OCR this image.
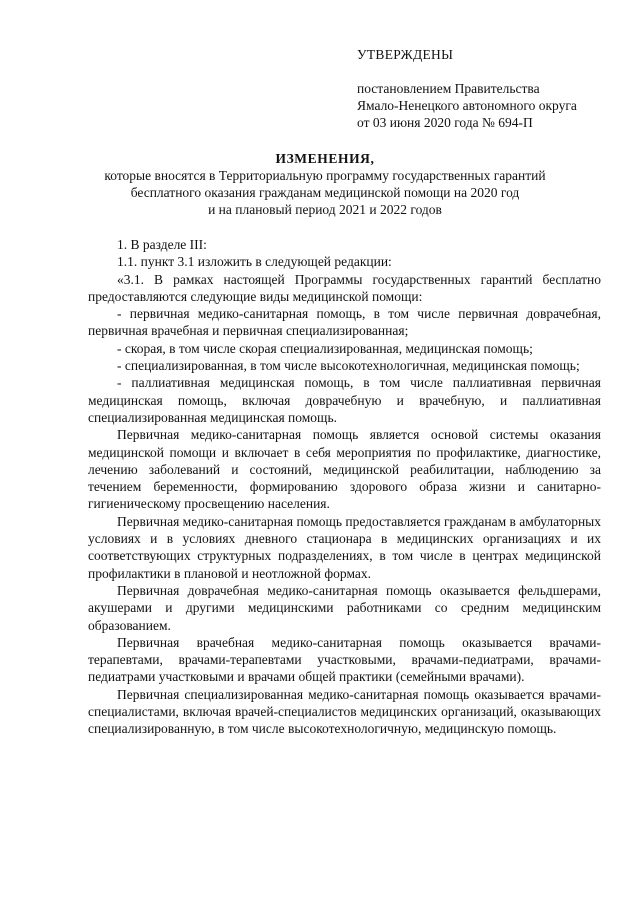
УТВЕРЖДЕНЫ
постановлением Правительства
Ямало-Ненецкого автономного округа
от 03 июня 2020 года № 694-П
ИЗМЕНЕНИЯ,
которые вносятся в Территориальную программу государственных гарантий
бесплатного оказания гражданам медицинской помощи на 2020 год
и на плановый период 2021 и 2022 годов

1. В разделе III:

1.1. пункт 3.1 изложить в следующей редакции:

«3.1. В рамках настоящей Программы государственных гарантий бесплатно предоставляются следующие виды медицинской помощи:

- первичная медико-санитарная помощь, в том числе первичная доврачебная, первичная врачебная и первичная специализированная;

- скорая, в том числе скорая специализированная, медицинская помощь;

- специализированная, в том числе высокотехнологичная, медицинская помощь;

- паллиативная медицинская помощь, в том числе паллиативная первичная медицинская помощь, включая доврачебную и врачебную, и паллиативная специализированная медицинская помощь.

Первичная медико-санитарная помощь является основой системы оказания медицинской помощи и включает в себя мероприятия по профилактике, диагностике, лечению заболеваний и состояний, медицинской реабилитации, наблюдению за течением беременности, формированию здорового образа жизни и санитарно-гигиеническому просвещению населения.

Первичная медико-санитарная помощь предоставляется гражданам в амбулаторных условиях и в условиях дневного стационара в медицинских организациях и их соответствующих структурных подразделениях, в том числе в центрах медицинской профилактики в плановой и неотложной формах.

Первичная доврачебная медико-санитарная помощь оказывается фельдшерами, акушерами и другими медицинскими работниками со средним медицинским образованием.

Первичная врачебная медико-санитарная помощь оказывается врачами-терапевтами, врачами-терапевтами участковыми, врачами-педиатрами, врачами-педиатрами участковыми и врачами общей практики (семейными врачами).

Первичная специализированная медико-санитарная помощь оказывается врачами-специалистами, включая врачей-специалистов медицинских организаций, оказывающих специализированную, в том числе высокотехнологичную, медицинскую помощь.
